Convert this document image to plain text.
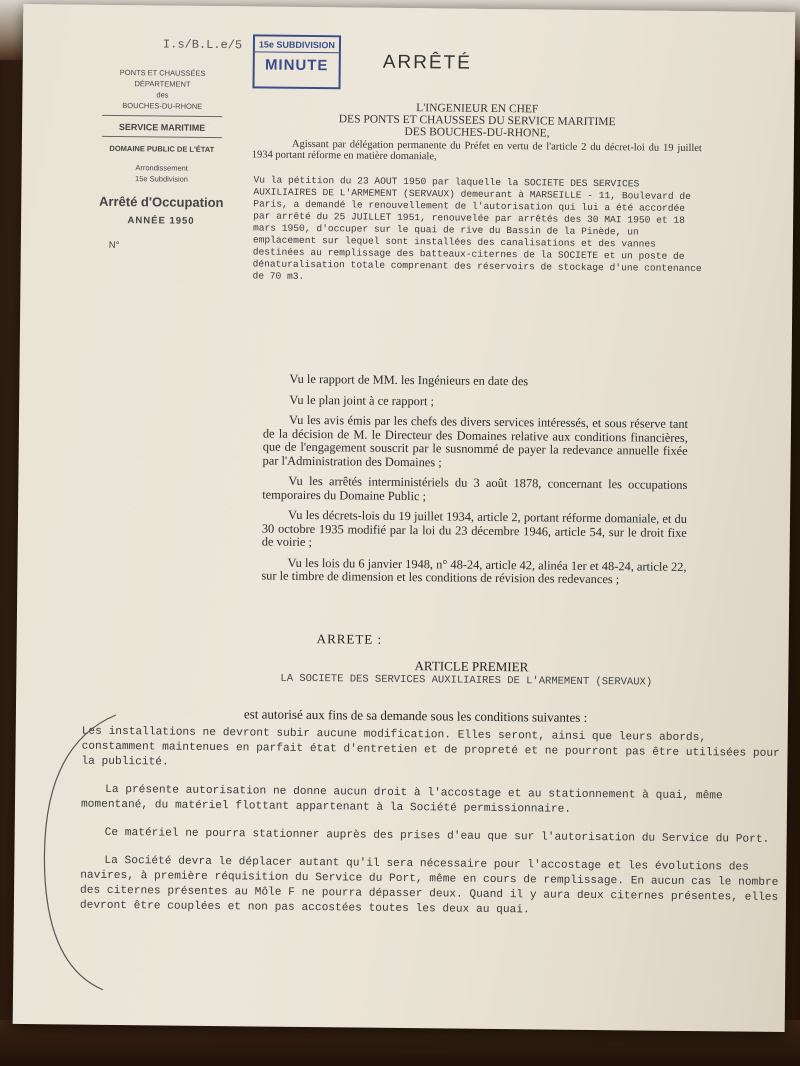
I.s/B.L.e/5	15e SUBDIVISION
MINUTE	ARRÊTÉ
PONTS ET CHAUSSÉES
DÉPARTEMENT
des
BOUCHES-DU-RHONE
SERVICE MARITIME
DOMAINE PUBLIC DE L'ÉTAT
Arrondissement
15e Subdivision
Arrêté d'Occupation
ANNÉE 1950
N°
L'INGENIEUR EN CHEF
DES PONTS ET CHAUSSEES DU SERVICE MARITIME
DES BOUCHES-DU-RHONE,
Agissant par délégation permanente du Préfet en vertu de l'article 2 du décret-loi du 19 juillet 1934 portant réforme en matière domaniale,
Vu la pétition du 23 AOUT 1950 par laquelle la SOCIETE DES SERVICES AUXILIAIRES DE L'ARMEMENT (SERVAUX) demeurant à MARSEILLE - 11, Boulevard de Paris, a demandé le renouvellement de l'autorisation qui lui a été accordée par arrêté du 25 JUILLET 1951, renouvelée par arrêtés des 30 MAI 1950 et 18 mars 1950, d'occuper sur le quai de rive du Bassin de la Pinède, un emplacement sur lequel sont installées des canalisations et des vannes destinées au remplissage des batteaux-citernes de la SOCIETE et un poste de dénaturalisation totale comprenant des réservoirs de stockage d'une contenance de 70 m3.

Vu le rapport de MM. les Ingénieurs en date des

Vu le plan joint à ce rapport ;

Vu les avis émis par les chefs des divers services intéressés, et sous réserve tant de la décision de M. le Directeur des Domaines relative aux conditions financières, que de l'engagement souscrit par le susnommé de payer la redevance annuelle fixée par l'Administration des Domaines ;

Vu les arrêtés interministériels du 3 août 1878, concernant les occupations temporaires du Domaine Public ;

Vu les décrets-lois du 19 juillet 1934, article 2, portant réforme domaniale, et du 30 octobre 1935 modifié par la loi du 23 décembre 1946, article 54, sur le droit fixe de voirie ;

Vu les lois du 6 janvier 1948, n° 48-24, article 42, alinéa 1er et 48-24, article 22, sur le timbre de dimension et les conditions de révision des redevances ;

ARRETE :
ARTICLE PREMIER
LA SOCIETE DES SERVICES AUXILIAIRES DE L'ARMEMENT (SERVAUX)
est autorisé aux fins de sa demande sous les conditions suivantes :

Les installations ne devront subir aucune modification. Elles seront, ainsi que leurs abords, constamment maintenues en parfait état d'entretien et de propreté et ne pourront pas être utilisées pour la publicité.

La présente autorisation ne donne aucun droit à l'accostage et au stationnement à quai, même momentané, du matériel flottant appartenant à la Société permissionnaire.

Ce matériel ne pourra stationner auprès des prises d'eau que sur l'autorisation du Service du Port.

La Société devra le déplacer autant qu'il sera nécessaire pour l'accostage et les évolutions des navires, à première réquisition du Service du Port, même en cours de remplissage. En aucun cas le nombre des citernes présentes au Môle F ne pourra dépasser deux. Quand il y aura deux citernes présentes, elles devront être couplées et non pas accostées toutes les deux au quai.
